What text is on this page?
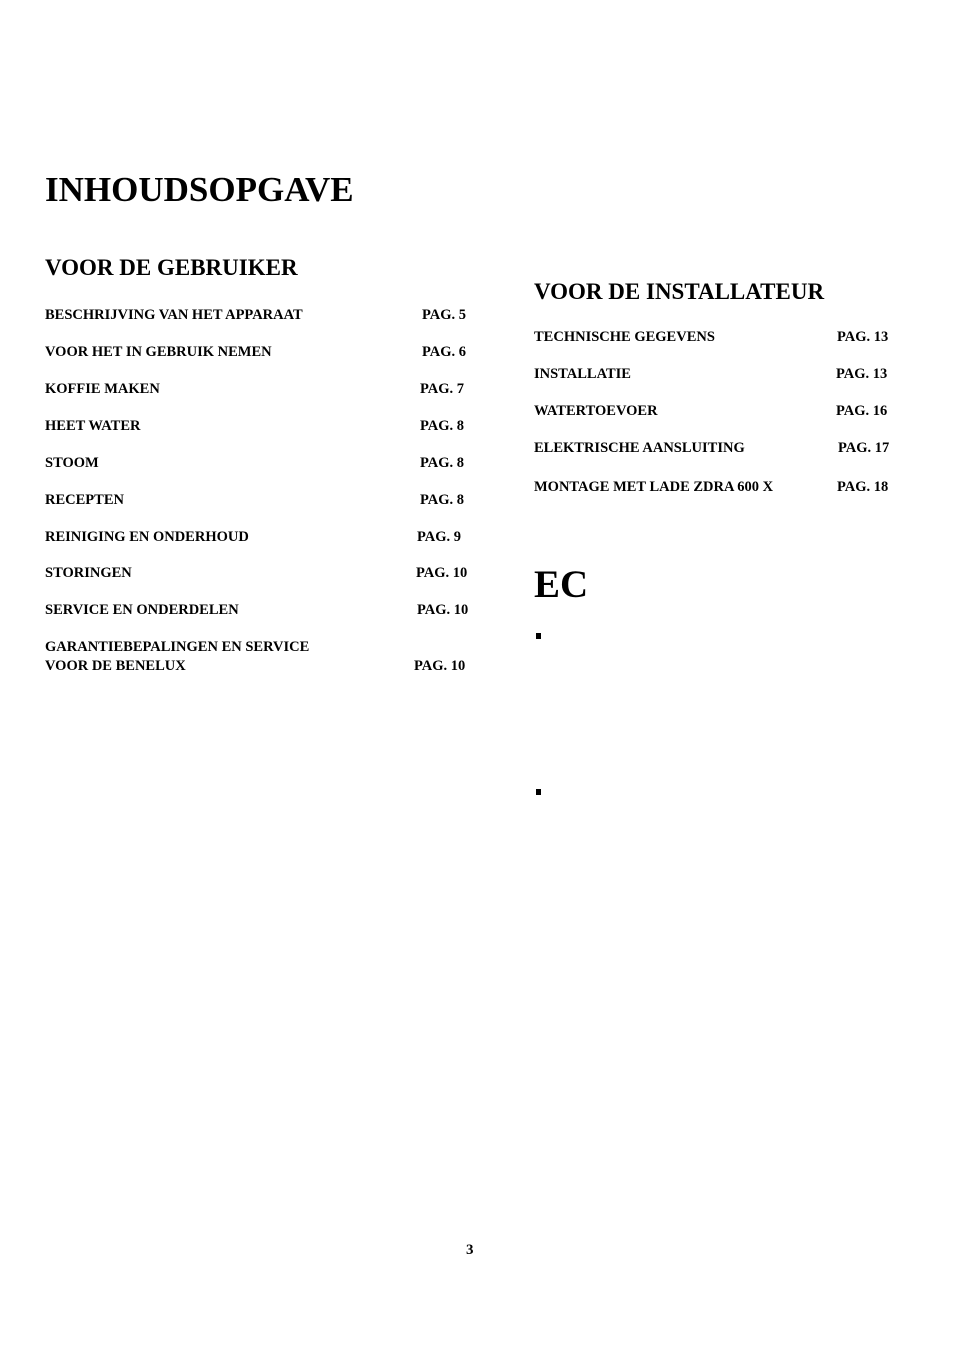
INHOUDSOPGAVE
VOOR DE GEBRUIKER
BESCHRIJVING VAN HET APPARAAT	PAG. 5
VOOR HET IN GEBRUIK NEMEN	PAG. 6
KOFFIE MAKEN	PAG. 7
HEET WATER	PAG. 8
STOOM	PAG. 8
RECEPTEN	PAG. 8
REINIGING EN ONDERHOUD	PAG. 9
STORINGEN	PAG. 10
SERVICE EN ONDERDELEN	PAG. 10
GARANTIEBEPALINGEN EN SERVICE
VOOR DE BENELUX	PAG. 10
VOOR DE INSTALLATEUR
TECHNISCHE GEGEVENS	PAG. 13
INSTALLATIE	PAG. 13
WATERTOEVOER	PAG. 16
ELEKTRISCHE AANSLUITING	PAG. 17
MONTAGE MET LADE ZDRA 600 X	PAG. 18
EC
3
